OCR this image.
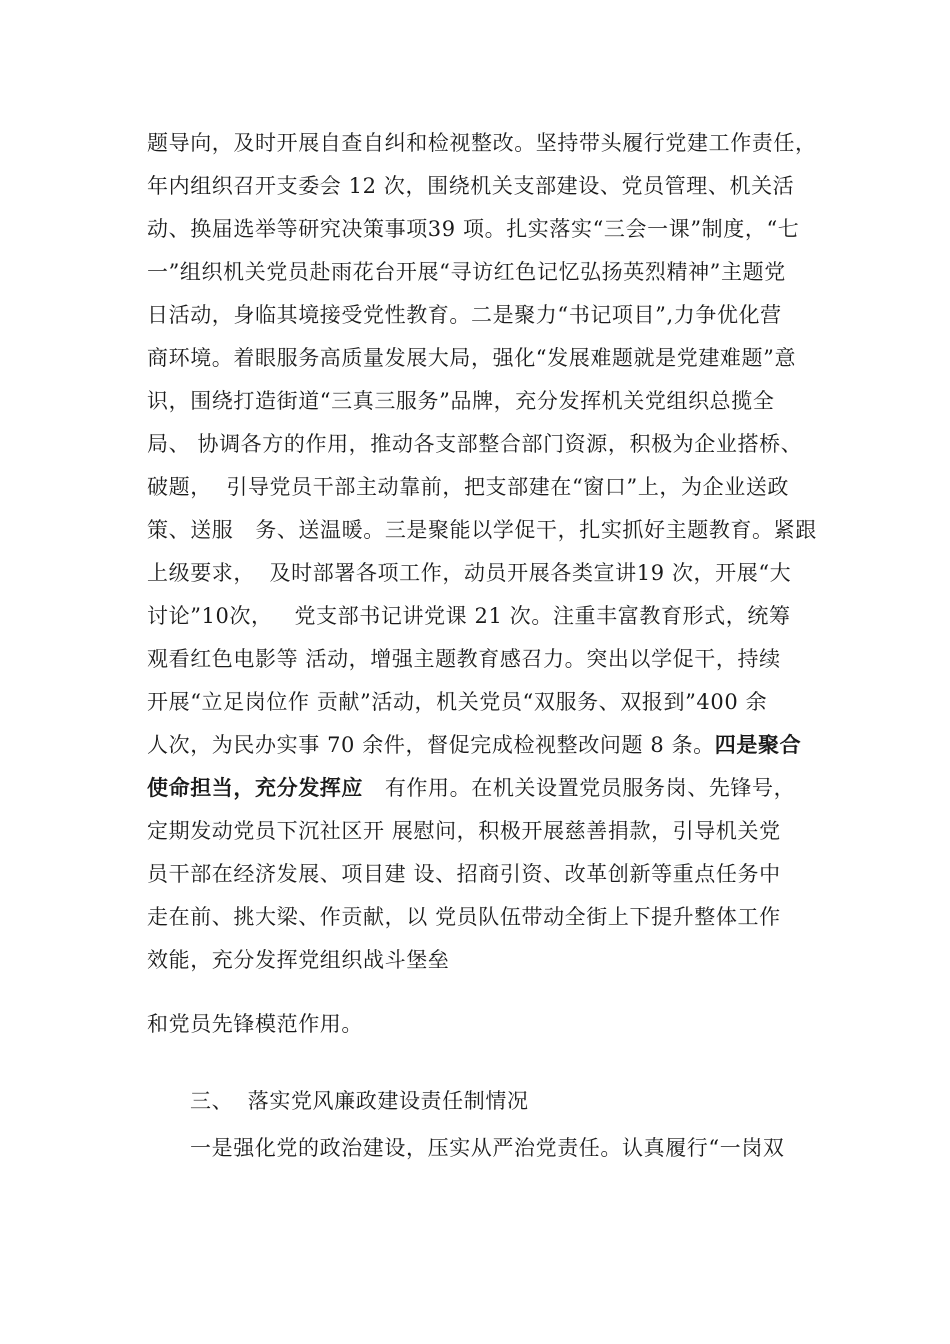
题导向，及时开展自查自纠和检视整改。坚持带头履行党建工作责任，
年内组织召开支委会 12 次，围绕机关支部建设、党员管理、机关活
动、换届选举等研究决策事项39 项。扎实落实“三会一课”制度，“七
一”组织机关党员赴雨花台开展“寻访红色记忆弘扬英烈精神”主题党
日活动，身临其境接受党性教育。二是聚力“书记项目”,力争优化营
商环境。着眼服务高质量发展大局，强化“发展难题就是党建难题”意
识，围绕打造街道“三真三服务”品牌，充分发挥机关党组织总揽全
局、 协调各方的作用，推动各支部整合部门资源，积极为企业搭桥、
破题，  引导党员干部主动靠前，把支部建在“窗口”上，为企业送政
策、送服   务、送温暖。三是聚能以学促干，扎实抓好主题教育。紧跟
上级要求，  及时部署各项工作，动员开展各类宣讲19 次，开展“大
讨论”10次，   党支部书记讲党课 21 次。注重丰富教育形式，统筹
观看红色电影等 活动，增强主题教育感召力。突出以学促干，持续
开展“立足岗位作 贡献”活动，机关党员“双服务、双报到”400 余
人次，为民办实事 70 余件，督促完成检视整改问题 8 条。四是聚合
使命担当，充分发挥应   有作用。在机关设置党员服务岗、先锋号，
定期发动党员下沉社区开 展慰问，积极开展慈善捐款，引导机关党
员干部在经济发展、项目建 设、招商引资、改革创新等重点任务中
走在前、挑大梁、作贡献，以 党员队伍带动全街上下提升整体工作
效能，充分发挥党组织战斗堡垒
和党员先锋模范作用。
三、  落实党风廉政建设责任制情况
一是强化党的政治建设，压实从严治党责任。认真履行“一岗双
